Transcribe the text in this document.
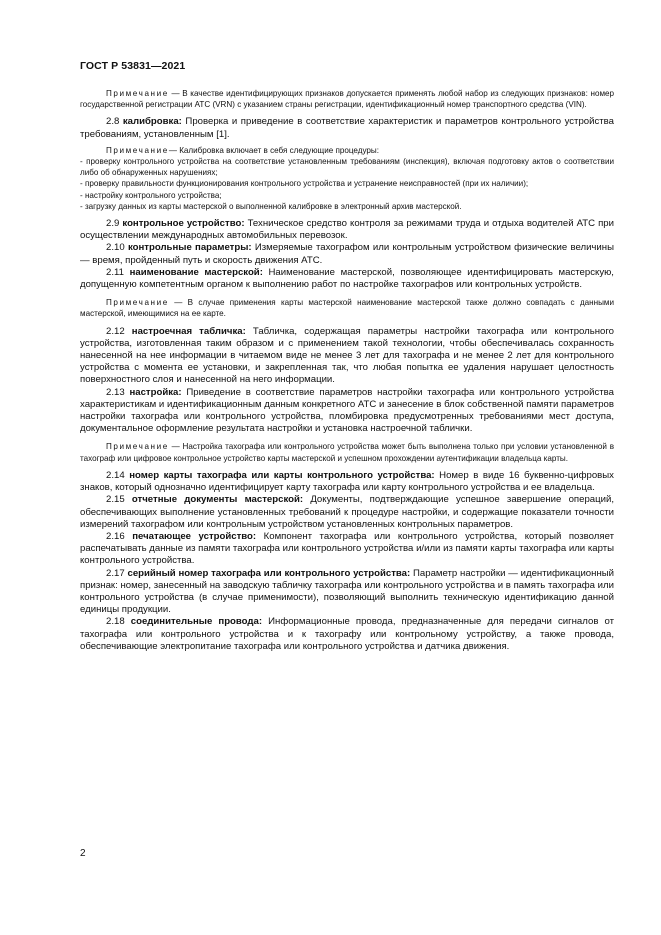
ГОСТ Р 53831—2021

Примечание — В качестве идентифицирующих признаков допускается применять любой набор из следующих признаков: номер государственной регистрации АТС (VRN) с указанием страны регистрации, идентификационный номер транспортного средства (VIN).

2.8 калибровка: Проверка и приведение в соответствие характеристик и параметров контрольного устройства требованиям, установленным [1].

Примечание— Калибровка включает в себя следующие процедуры:

- проверку контрольного устройства на соответствие установленным требованиям (инспекция), включая подготовку актов о соответствии либо об обнаруженных нарушениях;

- проверку правильности функционирования контрольного устройства и устранение неисправностей (при их наличии);

- настройку контрольного устройства;

- загрузку данных из карты мастерской о выполненной калибровке в электронный архив мастерской.

2.9 контрольное устройство: Техническое средство контроля за режимами труда и отдыха водителей АТС при осуществлении международных автомобильных перевозок.

2.10 контрольные параметры: Измеряемые тахографом или контрольным устройством физические величины — время, пройденный путь и скорость движения АТС.

2.11 наименование мастерской: Наименование мастерской, позволяющее идентифицировать мастерскую, допущенную компетентным органом к выполнению работ по настройке тахографов или контрольных устройств.

Примечание — В случае применения карты мастерской наименование мастерской также должно совпадать с данными мастерской, имеющимися на ее карте.

2.12 настроечная табличка: Табличка, содержащая параметры настройки тахографа или контрольного устройства, изготовленная таким образом и с применением такой технологии, чтобы обеспечивалась сохранность нанесенной на нее информации в читаемом виде не менее 3 лет для тахографа и не менее 2 лет для контрольного устройства с момента ее установки, и закрепленная так, что любая попытка ее удаления нарушает целостность поверхностного слоя и нанесенной на него информации.

2.13 настройка: Приведение в соответствие параметров настройки тахографа или контрольного устройства характеристикам и идентификационным данным конкретного АТС и занесение в блок собственной памяти параметров настройки тахографа или контрольного устройства, пломбировка предусмотренных требованиями мест доступа, документальное оформление результата настройки и установка настроечной таблички.

Примечание — Настройка тахографа или контрольного устройства может быть выполнена только при условии установленной в тахограф или цифровое контрольное устройство карты мастерской и успешном прохождении аутентификации владельца карты.

2.14 номер карты тахографа или карты контрольного устройства: Номер в виде 16 буквенно-цифровых знаков, который однозначно идентифицирует карту тахографа или карту контрольного устройства и ее владельца.

2.15 отчетные документы мастерской: Документы, подтверждающие успешное завершение операций, обеспечивающих выполнение установленных требований к процедуре настройки, и содержащие показатели точности измерений тахографом или контрольным устройством установленных контрольных параметров.

2.16 печатающее устройство: Компонент тахографа или контрольного устройства, который позволяет распечатывать данные из памяти тахографа или контрольного устройства и/или из памяти карты тахографа или карты контрольного устройства.

2.17 серийный номер тахографа или контрольного устройства: Параметр настройки — идентификационный признак: номер, занесенный на заводскую табличку тахографа или контрольного устройства и в память тахографа или контрольного устройства (в случае применимости), позволяющий выполнить техническую идентификацию данной единицы продукции.

2.18 соединительные провода: Информационные провода, предназначенные для передачи сигналов от тахографа или контрольного устройства и к тахографу или контрольному устройству, а также провода, обеспечивающие электропитание тахографа или контрольного устройства и датчика движения.

2
